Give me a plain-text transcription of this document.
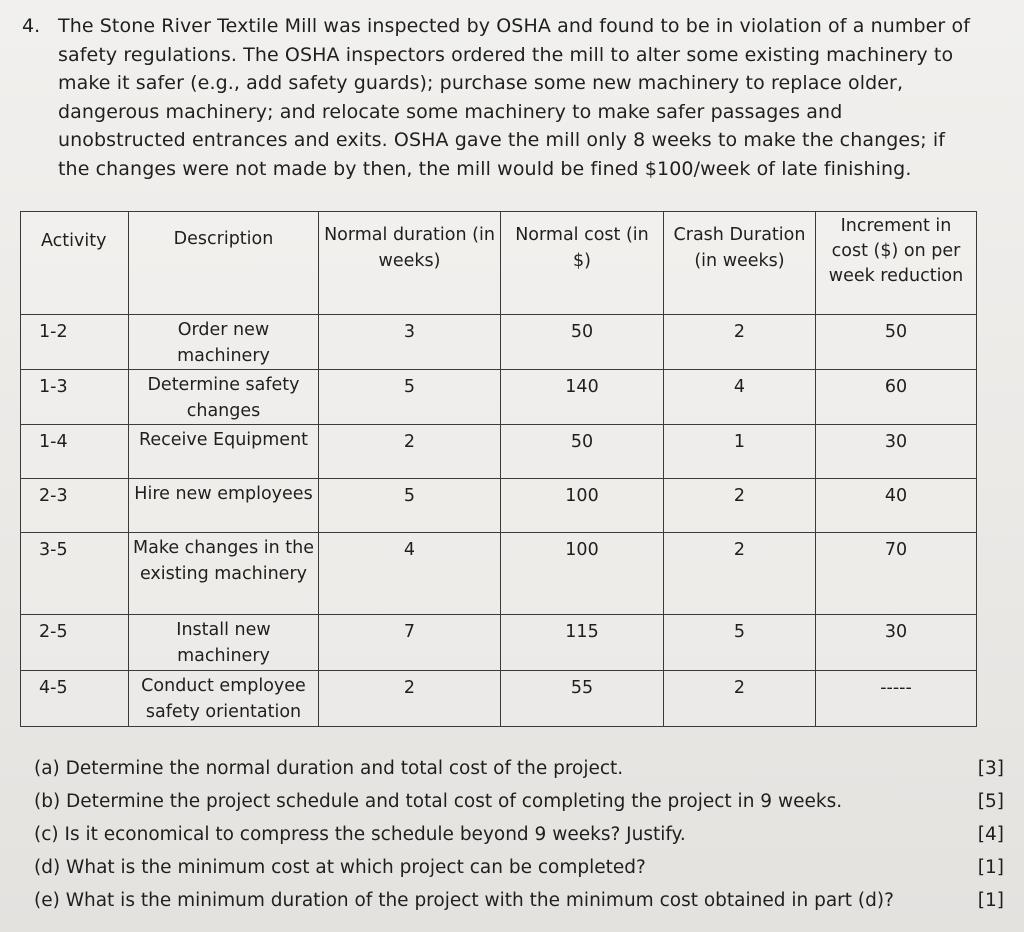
4. The Stone River Textile Mill was inspected by OSHA and found to be in violation of a number of safety regulations. The OSHA inspectors ordered the mill to alter some existing machinery to make it safer (e.g., add safety guards); purchase some new machinery to replace older, dangerous machinery; and relocate some machinery to make safer passages and unobstructed entrances and exits. OSHA gave the mill only 8 weeks to make the changes; if the changes were not made by then, the mill would be fined $100/week of late finishing.
Activity	Description	Normal duration (in weeks)	Normal cost (in $)	Crash Duration (in weeks)	Increment in cost ($) on per week reduction
1-2	Order new machinery	3	50	2	50
1-3	Determine safety changes	5	140	4	60
1-4	Receive Equipment	2	50	1	30
2-3	Hire new employees	5	100	2	40
3-5	Make changes in the existing machinery	4	100	2	70
2-5	Install new machinery	7	115	5	30
4-5	Conduct employee safety orientation	2	55	2	-----
(a) Determine the normal duration and total cost of the project.	[3]
(b) Determine the project schedule and total cost of completing the project in 9 weeks.	[5]
(c) Is it economical to compress the schedule beyond 9 weeks? Justify.	[4]
(d) What is the minimum cost at which project can be completed?	[1]
(e) What is the minimum duration of the project with the minimum cost obtained in part (d)?	[1]
